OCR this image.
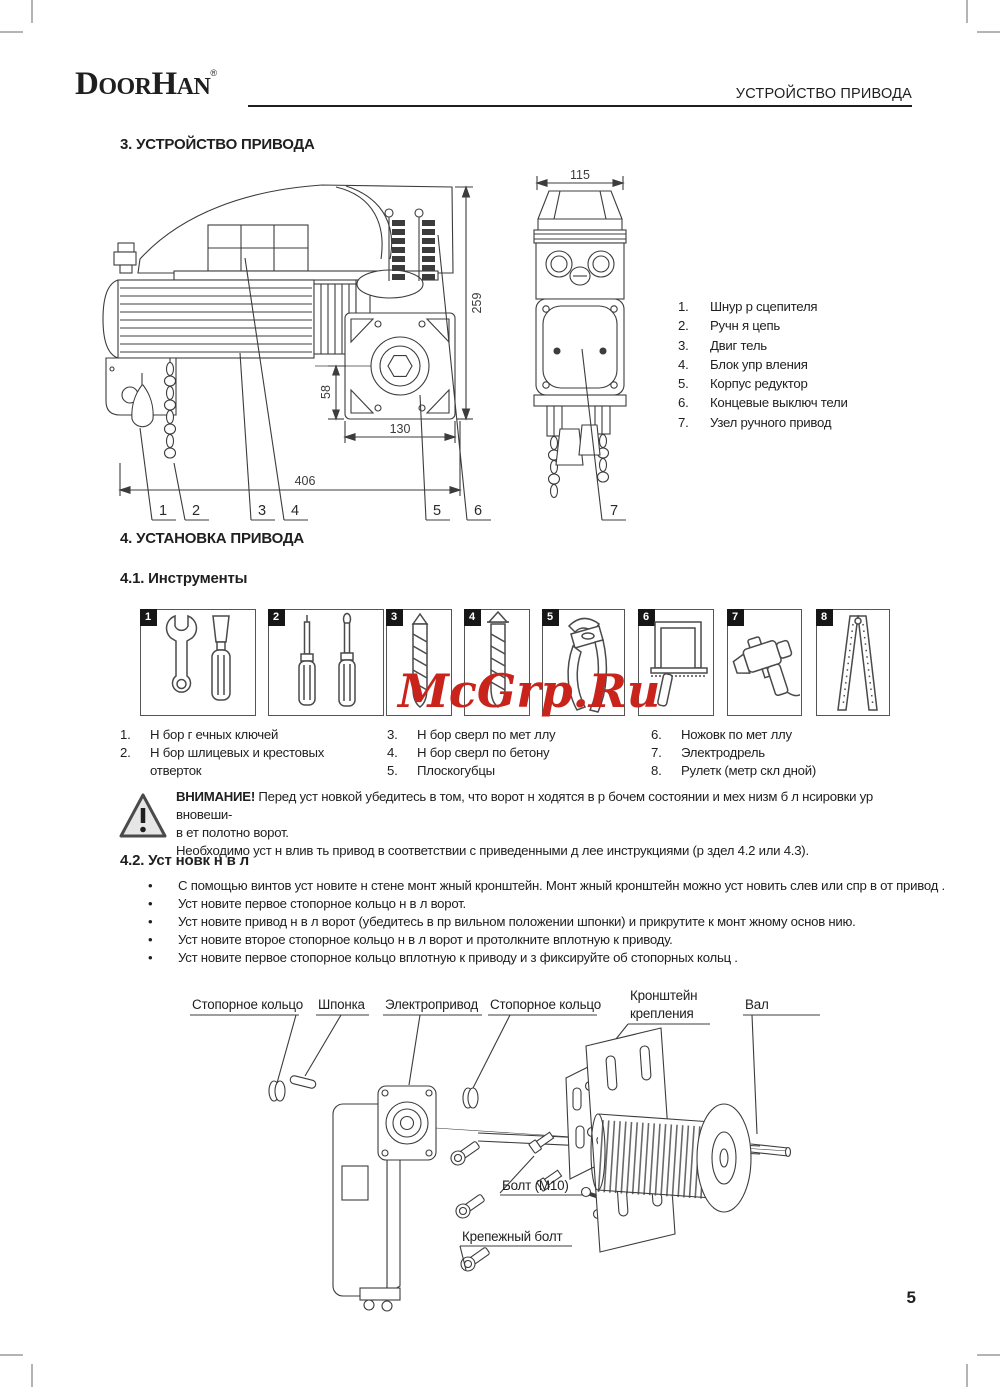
DOORHAN®
УСТРОЙСТВО ПРИВОДА
3. УСТРОЙСТВО ПРИВОДА
259
58
130
406
115
1 2	3 4	5 6	7
1.	Шнур р сцепителя
2.	Ручн я цепь
3.	Двиг тель
4.	Блок упр вления
5.	Корпус редуктор
6.	Концевые выключ тели
7.	Узел ручного привод
4. УСТАНОВКА ПРИВОДА
4.1. Инструменты
1	2	3	4	5	6	7	8
McGrp.Ru
1.	Н бор г ечных ключей
2.	Н бор шлицевых и крестовых отверток
3.	Н бор сверл по мет ллу
4.	Н бор сверл по бетону
5.	Плоскогубцы
6.	Ножовк по мет ллу
7.	Электродрель
8.	Рулетк (метр скл дной)
ВНИМАНИЕ! Перед уст новкой убедитесь в том, что ворот н ходятся в р бочем состоянии и мех низм б л нсировки ур вновеши-
в ет полотно ворот.
Необходимо уст н влив ть привод в соответствии с приведенными д лее инструкциями (р здел 4.2 или 4.3).
4.2. Уст новк н в л
•	С помощью винтов уст новите н стене монт жный кронштейн. Монт жный кронштейн можно уст новить слев или спр в от привод .
•	Уст новите первое стопорное кольцо н в л ворот.
•	Уст новите привод н в л ворот (убедитесь в пр вильном положении шпонки) и прикрутите к монт жному основ нию.
•	Уст новите второе стопорное кольцо н в л ворот и протолкните вплотную к приводу.
•	Уст новите первое стопорное кольцо вплотную к приводу и з фиксируйте об стопорных кольц .
Стопорное кольцо Шпонка Электропривод Стопорное кольцо
Кронштейн
крепления
Вал
Болт (М10)
Крепежный болт
5
